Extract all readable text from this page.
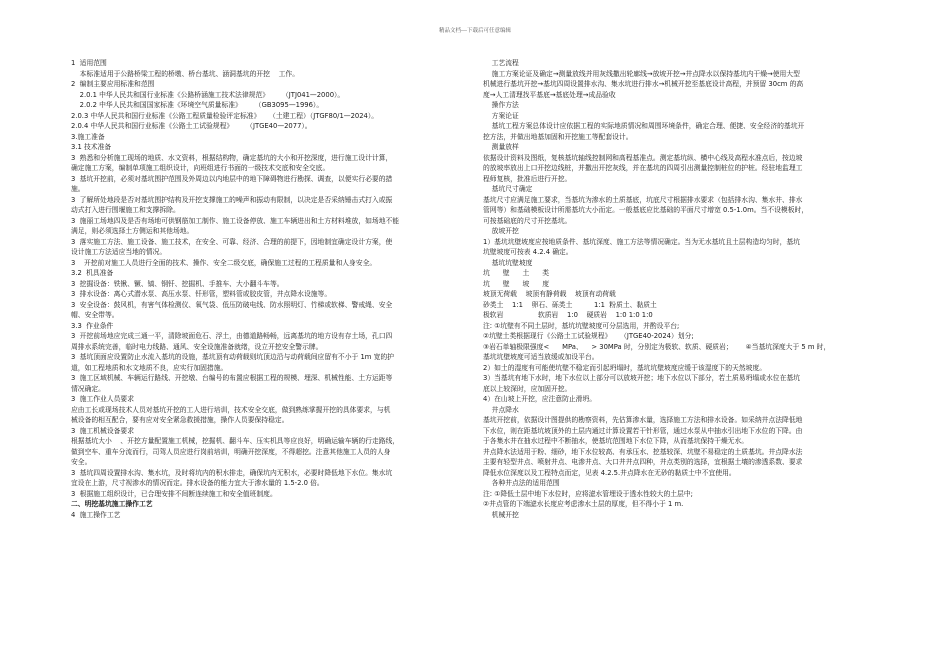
精品文档---下载后可任意编辑
1  适用范围
本标准适用于公路桥梁工程的桥墩、桥台基坑、涵洞基坑的开挖    工作。
2  编制主要应用标准和范围
2.0.1 中华人民共和国行业标准《公路桥涵施工技术法律规范》      （JTJ041—2000）。
2.0.2 中华人民共和国国家标准《环境空气质量标准》      （GB3095—1996）。
2.0.3 中华人民共和国行业标准《公路工程质量检验评定标准》    （土建工程）（JTGF80/1—2024）。
2.0.4 中华人民共和国行业标准《公路土工试验规程》      （JTGE40—2077）。
3.施工准备
3.1 技术准备
3  熟悉和分析施工现场的地质、水文资料，根据结构物，确定基坑的大小和开挖深度，进行施工设计计算，
确定施工方案，编制单项施工组织设计，向班组进行书面的一级技术交底和安全交底。
3  基坑开挖前，必须对基坑围护范围及外周边以内地层中的地下障碍物进行勘探、调查，以便实行必要的措
施。
3  了解所处地段是否对基坑围护结构及开挖支撑施工的噪声和振动有限制，以决定是否采纳锤击式打入或振
动式打入进行围堰施工和支撑拆除。
3  施丽工场地四及是否有场地可供钢筋加工制作、施工设备停放、施工车辆进出和土方材料堆放，如场地不能
满足，则必须选择土方侧运和其他场地。
3  落实施工方法、施工设备、施工技术，在安全、可靠、经济、合理的前提下，因地制宜确定设计方案，使
设计施工方法适应当地的情况。
3    开挖前对施工人员进行全面的技术、操作、安全二级交底，确保施工过程的工程质量和人身安全。
3.2  机具准备
3  挖掘设备：铁锹、镢、镐、钢钎、挖掘机、手推车、大小翻斗车等。
3  排水设备：离心式潜水泵、高压水泵、钎形管，塑料管或胶皮管，井点降水设施等。
3  安全设备：鼓风机，有害气体检测仪、氧气袋、低压防破电线、防水照明灯、竹梯或软梯、警戒绳、安全
帽、安全带等。
3.3  作业条件
3  开挖前场地应完成三通一平，清除坡面危石、浮土，由德道路畅畅，远离基坑的地方设有存土场，孔口四
周排水系统完善，临时电力线路、通风、安全设施准备就绪，设立开挖安全警示牌。
3  基坑顶面应设置防止水流入基坑的设施，基坑顶有动荷载则坑顶边沿与动荷载间应留有不小于 1m 宽的护
道，如工程地质和水文地质不良，应实行加固措施。
3  施工区域机械、车辆运行路线、开挖墩、台编号的布置应根据工程的规模、埋深、机械性能、土方运距等
情况确定。
3  施工作业人员要求
应由工长或现场技术人员对基坑开挖的工人进行培训，技术安全交底，做到熟练掌握开挖的具体要求，与机
械设备的相互配合，要有应对安全紧急救援措施，操作人员要保持稳定。
3  施工机械设备要求
根据基坑大小    、开挖方量配置施工机械，挖掘机、翻斗车、压实机具等应良好，明确运输车辆的行走路线，
做到空车、重车分流而行，司驾人员应进行岗前培训，明确开挖深度，不得超挖。注意其他施工人员的人身
安全。
3  基坑四周设置排水沟、集水坑，及时将坑内的积水排走，确保坑内无积水，必要时降低地下水位。集水坑
宜设在上游，尺寸视渗水的情况而定。排水设备的能力宜大于渗水量的 1.5-2.0 倍。
3  根据施工组织设计，已合理安排不间断连续施工和安全值班制度。
二、明挖基坑施工操作工艺
4  施工操作工艺
工艺流程
施工方案论证及确定→测量放线并用灰线撒出轮廓线→放坡开挖→井点降水以保持基坑内干燥→使用大型
机械进行基坑开挖→基坑四周设置排水沟、集水坑进行排水→机械开挖至基底设计高程，并预留 30cm 的高
度→人工清理找平基底→基底处理→成品验收
操作方法
方案论证
基坑工程方案总体设计应依据工程的实际地质情况和周围环境条件，确定合理、便捷、安全经济的基坑开
挖方法，并做出地基加固和开挖施工等配套设计。
测量放样
依据设计资料及图纸，复核基坑轴线控制网和高程基准点。测定基坑纵、横中心线及高程水准点后，按边坡
的放坡率放出上口开挖边线桩，并撒出开挖灰线，并在基坑的四周引出测量控制桩位的护桩。经驻地监理工
程师复核，批准后进行开挖。
基坑尺寸确定
基坑尺寸应满足施工要求，当基坑为渗水的土质基底，坑底尺寸根据排水要求（包括排水沟、集水井、排水
管网等）和基础模板设计所需基坑大小而定。一般基底应比基础的平面尺寸增宽 0.5-1.0m。当不设模板时，
可按基础底的尺寸开挖基坑。
放坡开挖
1）基坑坑壁坡度应按地质条件、基坑深度、施工方法等情况确定。当为无水基坑且土层构造均匀时，基坑
坑壁坡度可按表 4.2.4 确定。
基坑坑壁坡度
坑      壁      土      类
坑      壁      坡      度
坡顶无荷载    坡顶有静荷载    坡顶有动荷载
砂类土    1:1    卵石、砾类土          1:1  粉质土、黏质土
极软岩                软质岩    1:0    硬质岩    1:0 1:0 1:0
注: ①坑壁有不同土层时，基坑坑壁坡度可分层选用，并酌设平台;
②坑壁土类根据现行《公路土工试验规程》    （JTGE40-2024）划分;
③岩石单轴极限强度<      MPa、    > 30MPa 时，分别定为极软、软质、硬质岩；      ④当基坑深度大于 5 m 时，
基坑坑壁坡度可适当放缓或加设平台。
2）如土的湿度有可能使坑壁不稳定而引起坍塌时，基坑坑壁坡度应缓于该湿度下的天然坡度。
3）当基坑有地下水时，地下水位以上部分可以放坡开挖；地下水位以下部分，若土质易坍塌或水位在基坑
底以上较深时，应加固开挖。
4）在山坡上开挖，应注意防止滑坍。
井点降水
基坑开挖前，依据设计图提供的勘察资料，先估算渗水量，选择施工方法和排水设备。如采纳井点法降低地
下水位，则在距基坑坡顶外的土层内通过计算设置若干针形管，通过水泵从中抽水引出地下水位的下降。由
于各集水井在抽水过程中不断抽水，使基坑范围地下水位下降，从而基坑保持干燥无水。
井点降水法适用于粉、细砂，地下水位较高、有承压水、挖基较深、坑壁不易稳定的土质基坑。井点降水法
主要有轻型井点、喷射井点、电渗井点、大口井井点四种，井点类别的选择，宜根据土壤的渗透系数、要求
降低水位深度以及工程特点而定，见表 4.2.5.井点降水在无砂的黏质土中不宜使用。
各种井点法的适用范围
注: ①降低土层中地下水位时，应将滤水管埋设于透水性较大的土层中;
②井点管的下端滤水长度应考虑渗水土层的厚度，但不得小于 1 m.
机械开挖
